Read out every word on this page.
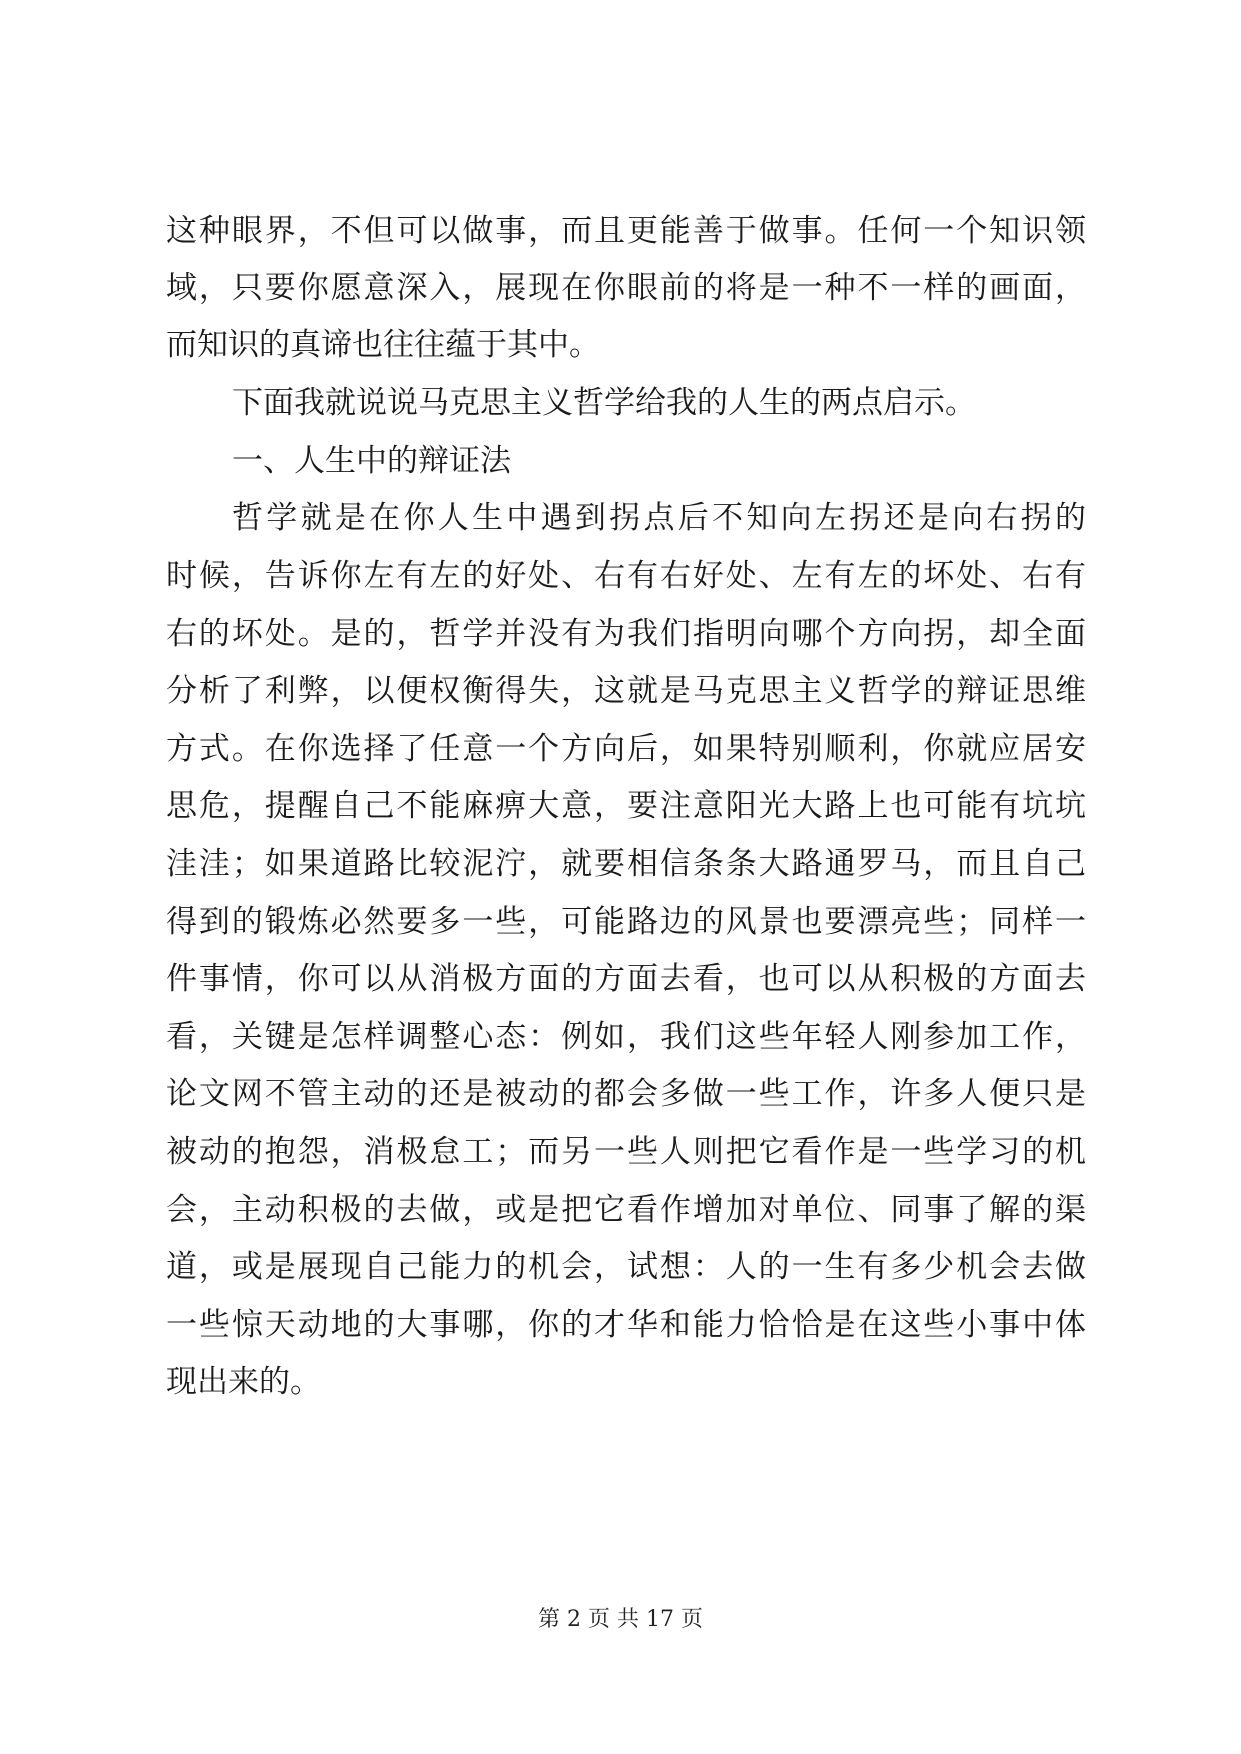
这种眼界，不但可以做事，而且更能善于做事。任何一个知识领
域，只要你愿意深入，展现在你眼前的将是一种不一样的画面，
而知识的真谛也往往蕴于其中。
下面我就说说马克思主义哲学给我的人生的两点启示。
一、人生中的辩证法
哲学就是在你人生中遇到拐点后不知向左拐还是向右拐的
时候，告诉你左有左的好处、右有右好处、左有左的坏处、右有
右的坏处。是的，哲学并没有为我们指明向哪个方向拐，却全面
分析了利弊，以便权衡得失，这就是马克思主义哲学的辩证思维
方式。在你选择了任意一个方向后，如果特别顺利，你就应居安
思危，提醒自己不能麻痹大意，要注意阳光大路上也可能有坑坑
洼洼；如果道路比较泥泞，就要相信条条大路通罗马，而且自己
得到的锻炼必然要多一些，可能路边的风景也要漂亮些；同样一
件事情，你可以从消极方面的方面去看，也可以从积极的方面去
看，关键是怎样调整心态：例如，我们这些年轻人刚参加工作，
论文网不管主动的还是被动的都会多做一些工作，许多人便只是
被动的抱怨，消极怠工；而另一些人则把它看作是一些学习的机
会，主动积极的去做，或是把它看作增加对单位、同事了解的渠
道，或是展现自己能力的机会，试想：人的一生有多少机会去做
一些惊天动地的大事哪，你的才华和能力恰恰是在这些小事中体
现出来的。
第 2 页 共 17 页
